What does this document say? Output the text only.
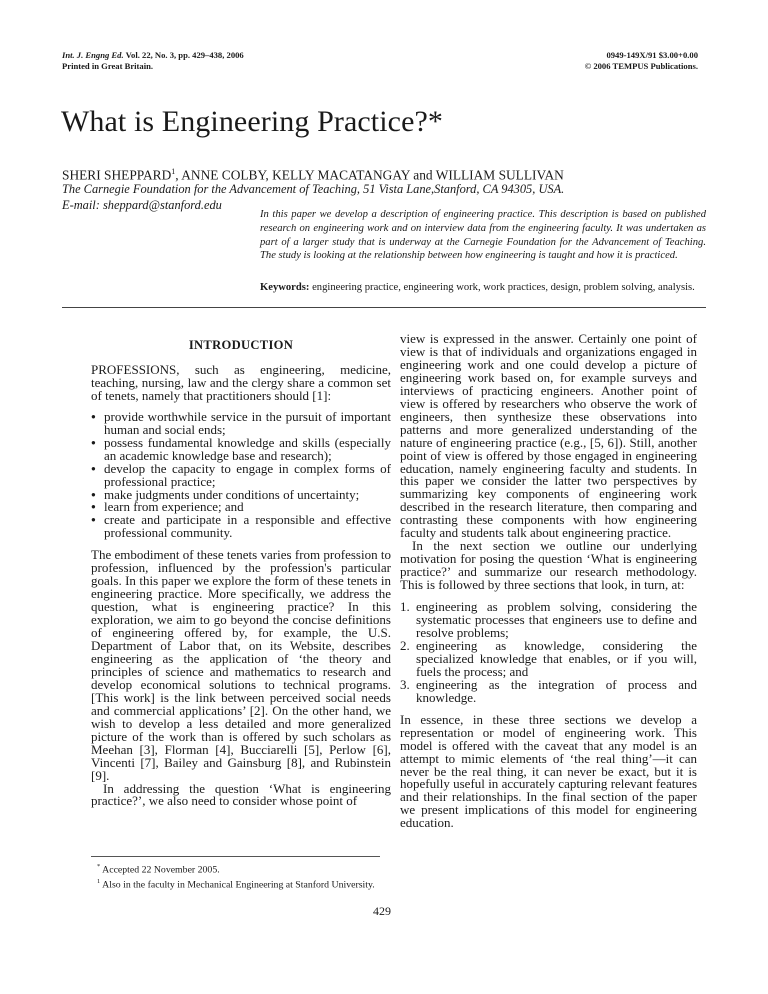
Int. J. Engng Ed. Vol. 22, No. 3, pp. 429–438, 2006
Printed in Great Britain.
0949-149X/91 $3.00+0.00
© 2006 TEMPUS Publications.
What is Engineering Practice?*
SHERI SHEPPARD$^1$, ANNE COLBY, KELLY MACATANGAY and WILLIAM SULLIVAN
The Carnegie Foundation for the Advancement of Teaching, 51 Vista Lane,Stanford, CA 94305, USA.
E-mail: sheppard@stanford.edu

In this paper we develop a description of engineering practice. This description is based on published research on engineering work and on interview data from the engineering faculty. It was undertaken as part of a larger study that is underway at the Carnegie Foundation for the Advancement of Teaching. The study is looking at the relationship between how engineering is taught and how it is practiced.

Keywords: engineering practice, engineering work, work practices, design, problem solving, analysis.

INTRODUCTION

PROFESSIONS, such as engineering, medicine, teaching, nursing, law and the clergy share a common set of tenets, namely that practitioners should [1]:

● provide worthwhile service in the pursuit of important human and social ends;
● possess fundamental knowledge and skills (especially an academic knowledge base and research);
● develop the capacity to engage in complex forms of professional practice;
● make judgments under conditions of uncertainty;
● learn from experience; and
● create and participate in a responsible and effective professional community.

The embodiment of these tenets varies from profession to profession, influenced by the profession's particular goals. In this paper we explore the form of these tenets in engineering practice. More specifically, we address the question, what is engineering practice? In this exploration, we aim to go beyond the concise definitions of engineering offered by, for example, the U.S. Department of Labor that, on its Website, describes engineering as the application of ‘the theory and principles of science and mathematics to research and develop economical solutions to technical programs. [This work] is the link between perceived social needs and commercial applications’ [2]. On the other hand, we wish to develop a less detailed and more generalized picture of the work than is offered by such scholars as Meehan [3], Florman [4], Bucciarelli [5], Perlow [6], Vincenti [7], Bailey and Gainsburg [8], and Rubinstein [9].

In addressing the question ‘What is engineering practice?’, we also need to consider whose point of

* Accepted 22 November 2005.

$^1$ Also in the faculty in Mechanical Engineering at Stanford University.

view is expressed in the answer. Certainly one point of view is that of individuals and organizations engaged in engineering work and one could develop a picture of engineering work based on, for example surveys and interviews of practicing engineers. Another point of view is offered by researchers who observe the work of engineers, then synthesize these observations into patterns and more generalized understanding of the nature of engineering practice (e.g., [5, 6]). Still, another point of view is offered by those engaged in engineering education, namely engineering faculty and students. In this paper we consider the latter two perspectives by summarizing key components of engineering work described in the research literature, then comparing and contrasting these components with how engineering faculty and students talk about engineering practice.

In the next section we outline our underlying motivation for posing the question ‘What is engineering practice?’ and summarize our research methodology. This is followed by three sections that look, in turn, at:

1. engineering as problem solving, considering the systematic processes that engineers use to define and resolve problems;
2. engineering as knowledge, considering the specialized knowledge that enables, or if you will, fuels the process; and
3. engineering as the integration of process and knowledge.

In essence, in these three sections we develop a representation or model of engineering work. This model is offered with the caveat that any model is an attempt to mimic elements of ‘the real thing’—it can never be the real thing, it can never be exact, but it is hopefully useful in accurately capturing relevant features and their relationships. In the final section of the paper we present implications of this model for engineering education.

429
